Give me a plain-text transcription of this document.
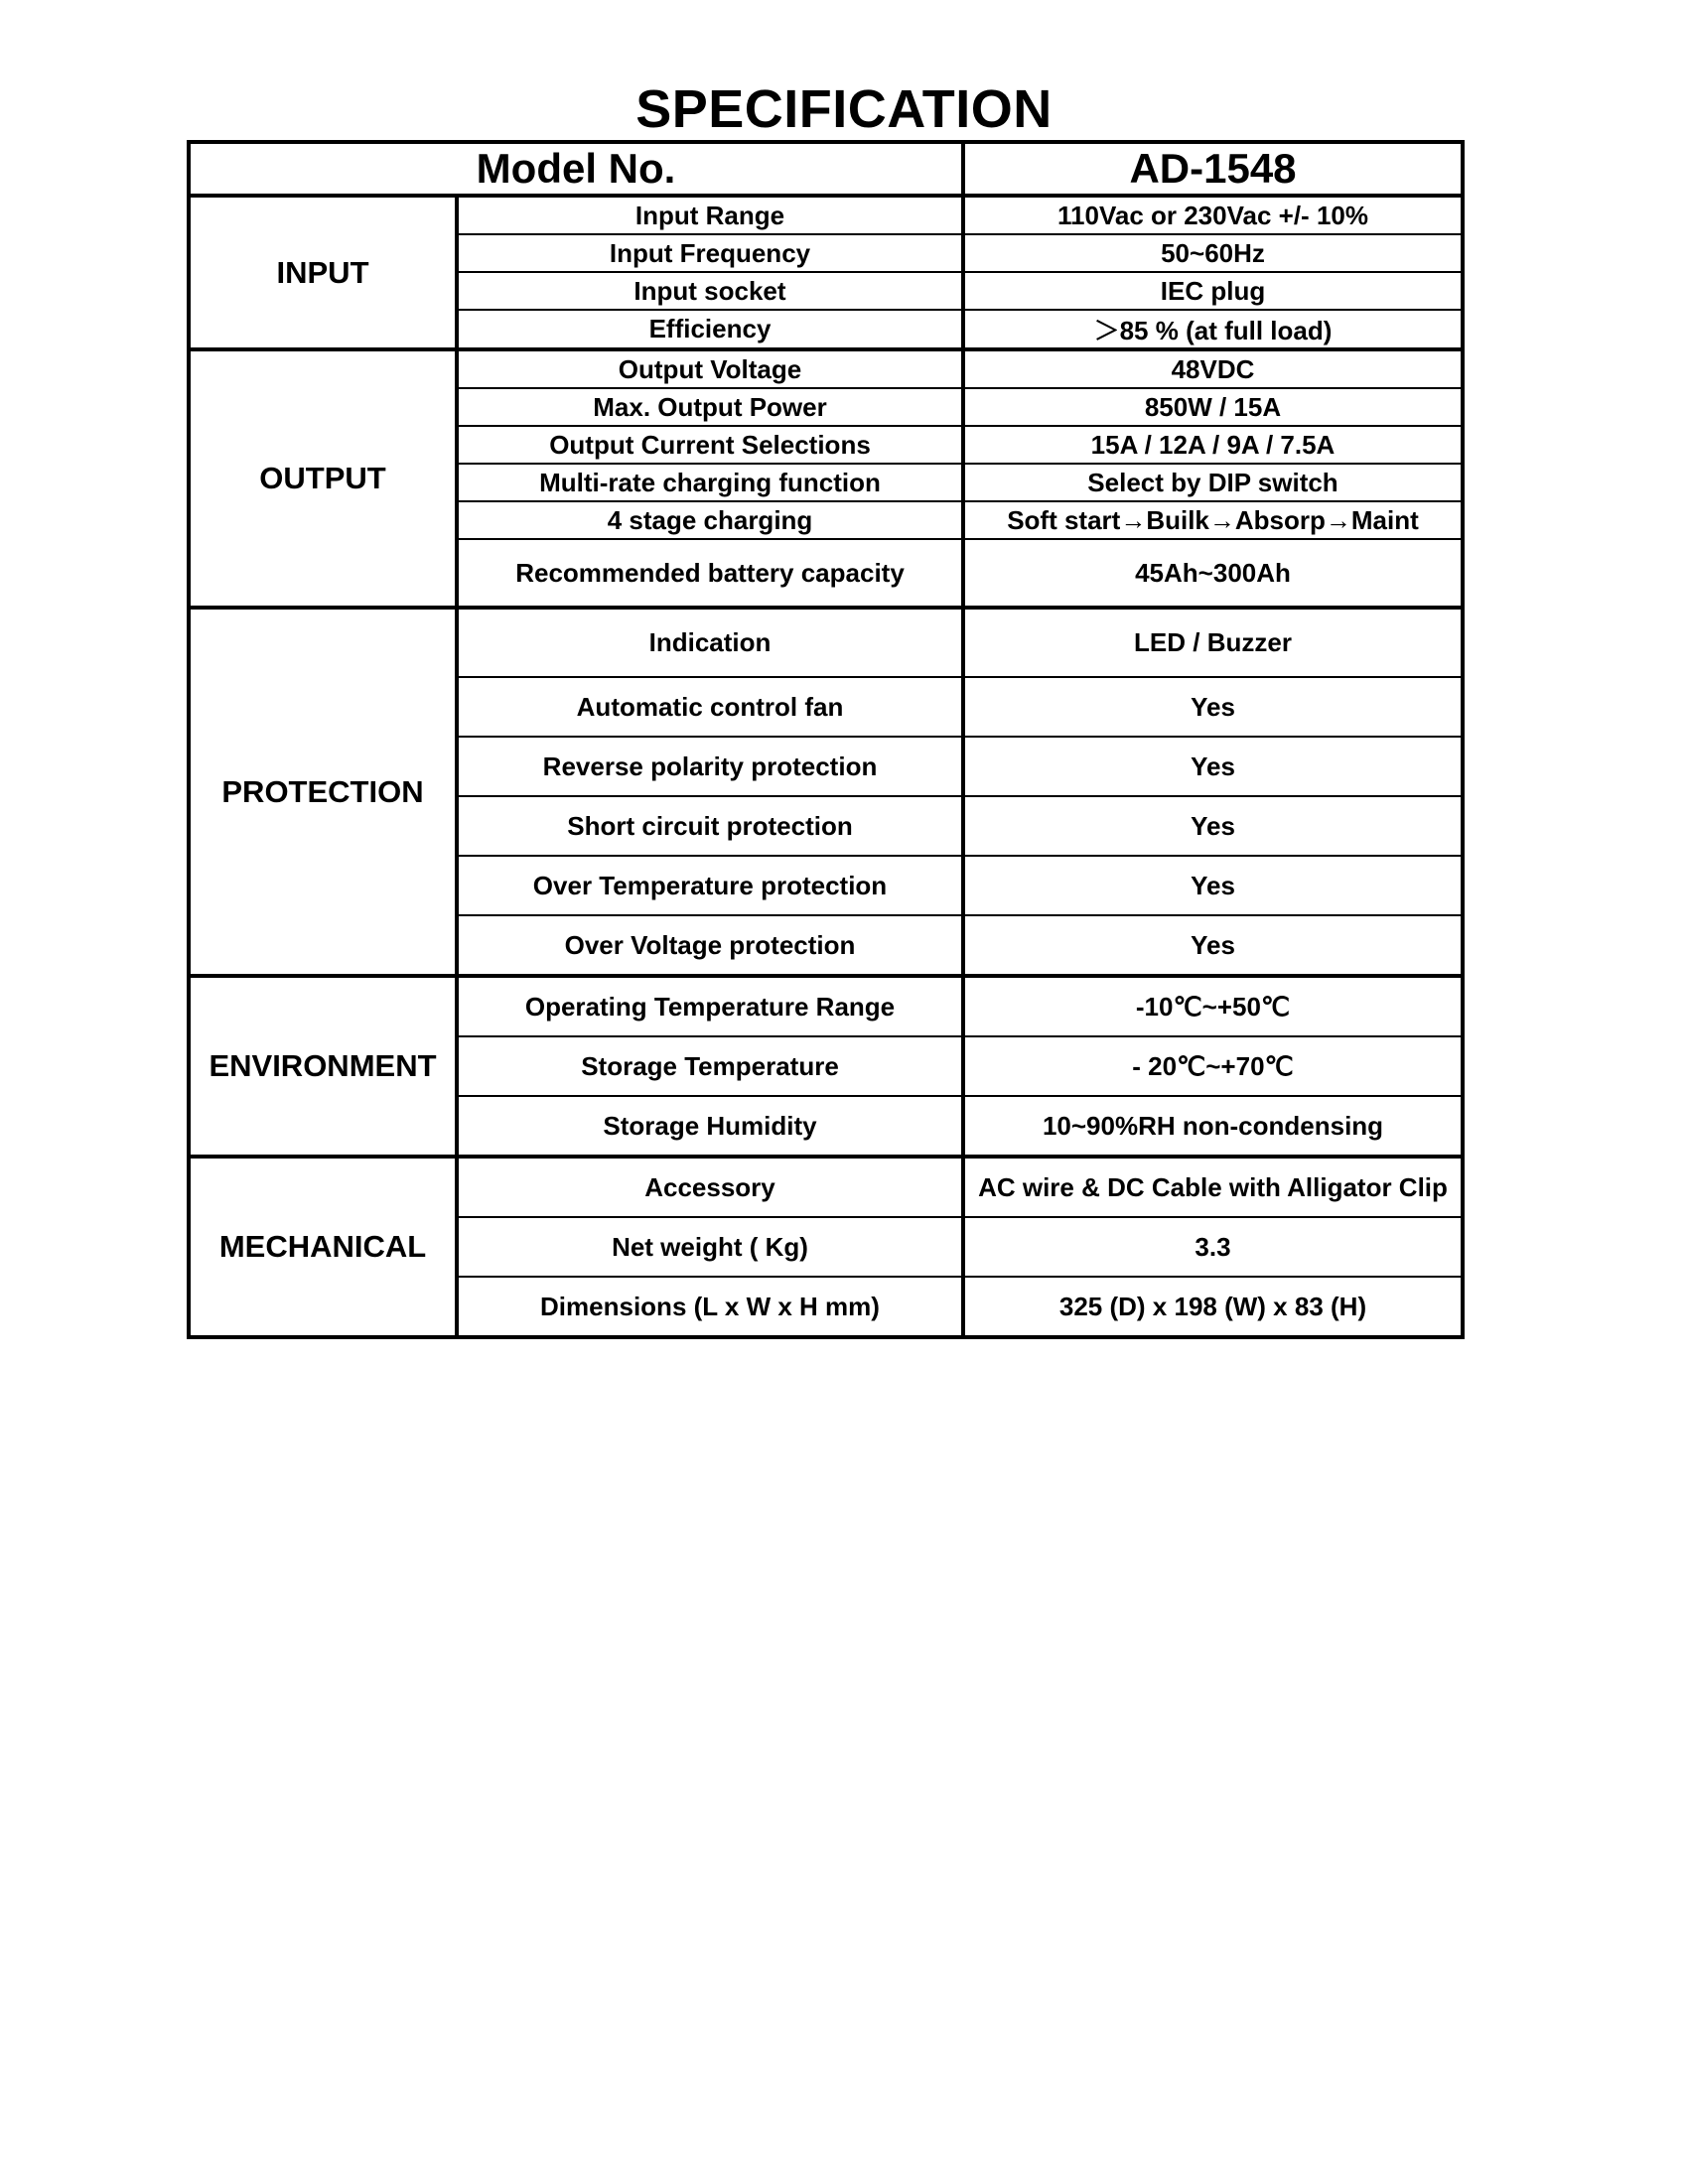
SPECIFICATION
Model No.		AD-1548
INPUT	Input Range	110Vac or 230Vac +/- 10%
	Input Frequency	50~60Hz
	Input socket	IEC plug
	Efficiency	＞85 % (at full load)
OUTPUT	Output Voltage	48VDC
	Max. Output Power	850W / 15A
	Output Current Selections	15A / 12A / 9A / 7.5A
	Multi-rate charging function	Select by DIP switch
	4 stage charging	Soft start→Builk→Absorp→Maint
	Recommended battery capacity	45Ah~300Ah
PROTECTION	Indication	LED / Buzzer
	Automatic control fan	Yes
	Reverse polarity protection	Yes
	Short circuit protection	Yes
	Over Temperature protection	Yes
	Over Voltage protection	Yes
ENVIRONMENT	Operating Temperature Range	-10℃~+50℃
	Storage Temperature	- 20℃~+70℃
	Storage Humidity	10~90%RH non-condensing
MECHANICAL	Accessory	AC wire & DC Cable with Alligator Clip
	Net weight ( Kg)	3.3
	Dimensions (L x W x H mm)	325 (D) x 198 (W) x 83 (H)
